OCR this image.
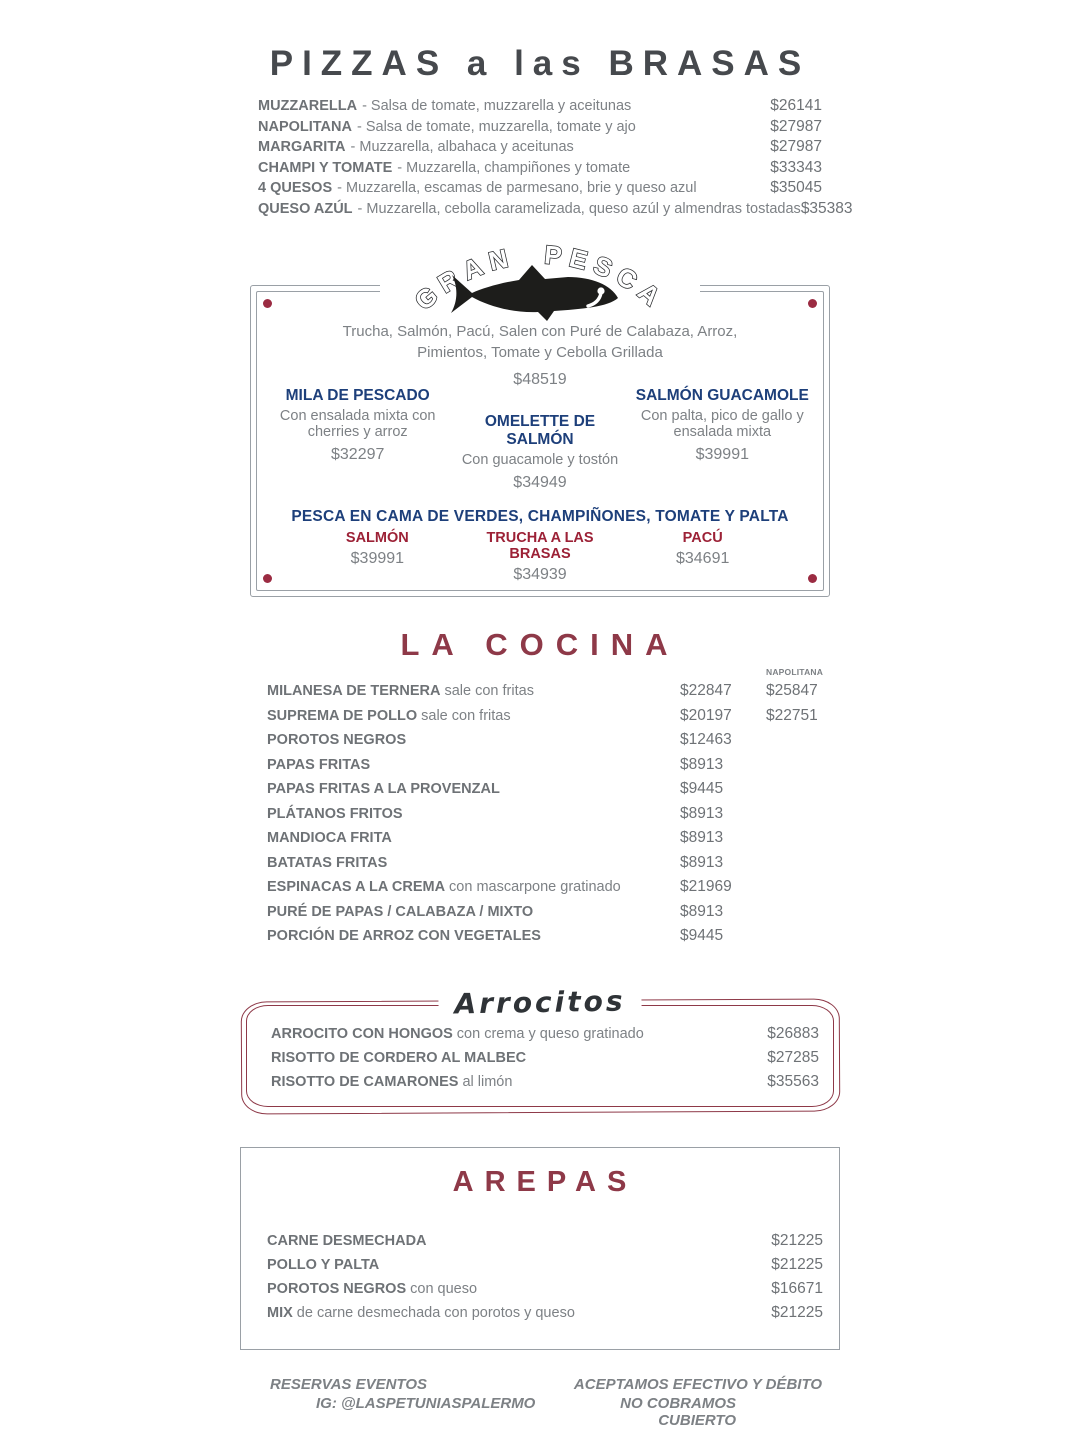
PIZZAS a las BRASAS
MUZZARELLA - Salsa de tomate, muzzarella y aceitunas	$26141
NAPOLITANA - Salsa de tomate, muzzarella, tomate y ajo	$27987
MARGARITA - Muzzarella, albahaca y aceitunas	$27987
CHAMPI Y TOMATE - Muzzarella, champiñones y tomate	$33343
4 QUESOS - Muzzarella, escamas de parmesano, brie y queso azul	$35045
QUESO AZÚL - Muzzarella, cebolla caramelizada, queso azúl y almendras tostadas $35383
GRAN PESCA
Trucha, Salmón, Pacú, Salen con Puré de Calabaza, Arroz,
Pimientos, Tomate y Cebolla Grillada
$48519
MILA DE PESCADO
Con ensalada mixta con cherries y arroz
$32297
OMELETTE DE SALMÓN
Con guacamole y tostón
$34949
SALMÓN GUACAMOLE
Con palta, pico de gallo y ensalada mixta
$39991
PESCA EN CAMA DE VERDES, CHAMPIÑONES, TOMATE Y PALTA
SALMÓN
$39991
TRUCHA A LAS BRASAS
$34939
PACÚ
$34691
LA COCINA
NAPOLITANA
MILANESA DE TERNERA sale con fritas	$22847	$25847
SUPREMA DE POLLO sale con fritas	$20197	$22751
POROTOS NEGROS	$12463
PAPAS FRITAS	$8913
PAPAS FRITAS A LA PROVENZAL	$9445
PLÁTANOS FRITOS	$8913
MANDIOCA FRITA	$8913
BATATAS FRITAS	$8913
ESPINACAS A LA CREMA con mascarpone gratinado	$21969
PURÉ DE PAPAS / CALABAZA / MIXTO	$8913
PORCIÓN DE ARROZ CON VEGETALES	$9445
Arrocitos
ARROCITO CON HONGOS con crema y queso gratinado	$26883
RISOTTO DE CORDERO AL MALBEC	$27285
RISOTTO DE CAMARONES al limón	$35563
AREPAS
CARNE DESMECHADA	$21225
POLLO Y PALTA	$21225
POROTOS NEGROS con queso	$16671
MIX de carne desmechada con porotos y queso	$21225
RESERVAS EVENTOS
IG: @LASPETUNIASPALERMO
ACEPTAMOS EFECTIVO Y DÉBITO
NO COBRAMOS CUBIERTO
